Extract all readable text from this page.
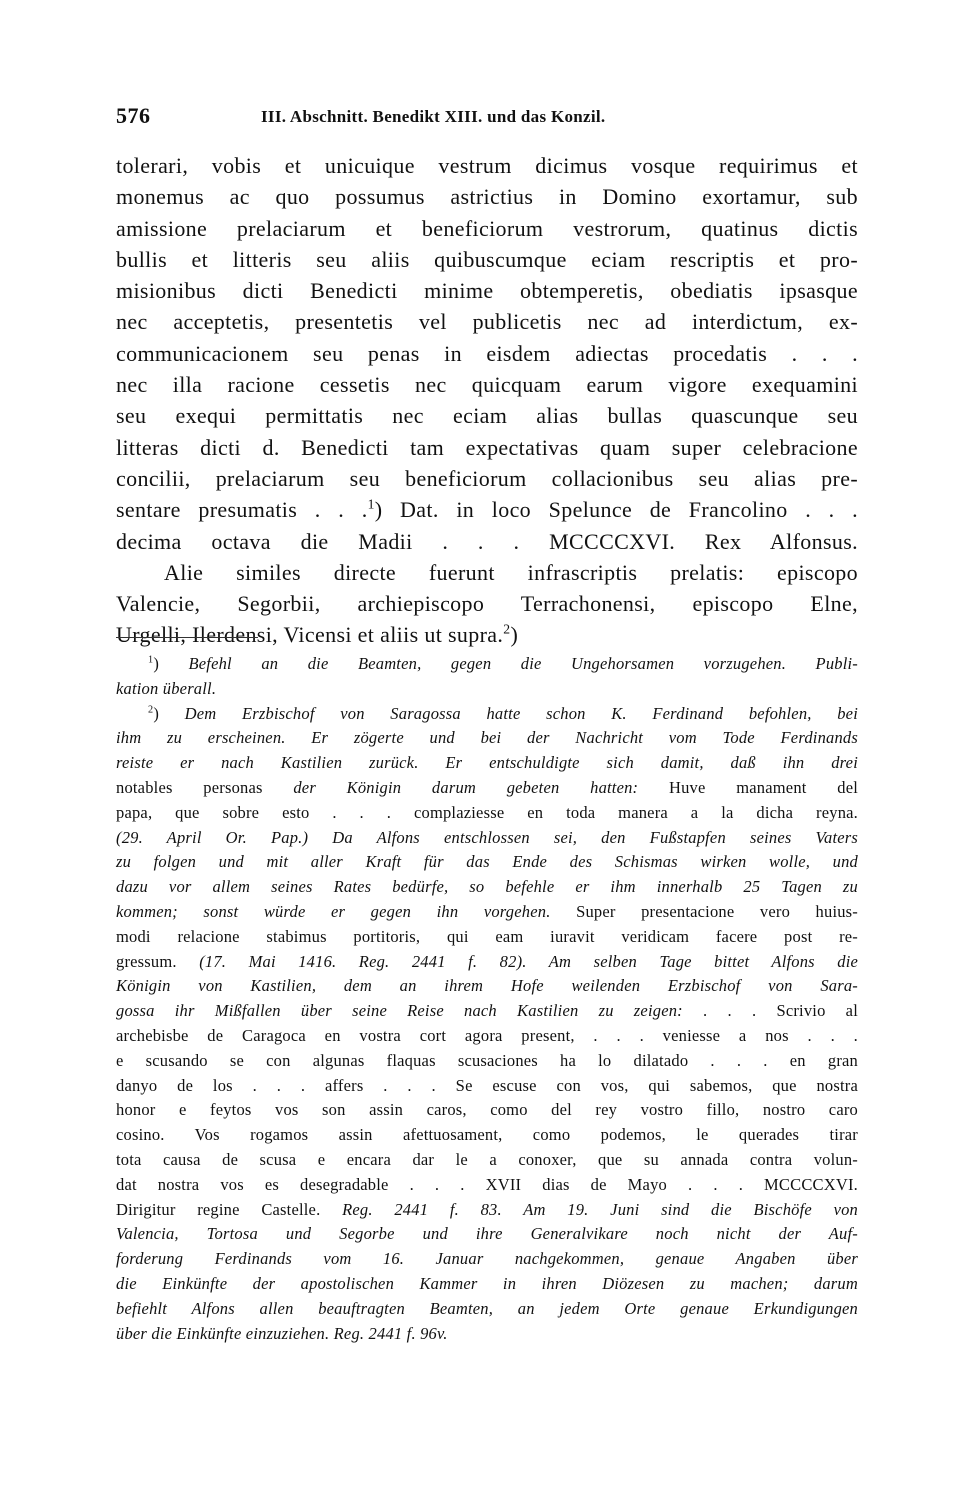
576	III. Abschnitt. Benedikt XIII. und das Konzil.
tolerari, vobis et unicuique vestrum dicimus vosque requirimus et
monemus ac quo possumus astrictius in Domino exortamur, sub
amissione prelaciarum et beneficiorum vestrorum, quatinus dictis
bullis et litteris seu aliis quibuscumque eciam rescriptis et pro-
misionibus dicti Benedicti minime obtemperetis, obediatis ipsasque
nec acceptetis, presentetis vel publicetis nec ad interdictum, ex-
communicacionem seu penas in eisdem adiectas procedatis . . .
nec illa racione cessetis nec quicquam earum vigore exequamini
seu exequi permittatis nec eciam alias bullas quascunque seu
litteras dicti d. Benedicti tam expectativas quam super celebracione
concilii, prelaciarum seu beneficiorum collacionibus seu alias pre-
sentare presumatis . . .$^1$) Dat. in loco Spelunce de Francolino . . .
decima octava die Madii . . . MCCCCXVI. Rex Alfonsus.
Alie similes directe fuerunt infrascriptis prelatis: episcopo
Valencie, Segorbii, archiepiscopo Terrachonensi, episcopo Elne,
Urgelli, Ilerdensi, Vicensi et aliis ut supra.$^2$)
$^1$) Befehl an die Beamten, gegen die Ungehorsamen vorzugehen. Publi-
kation überall.
$^2$) Dem Erzbischof von Saragossa hatte schon K. Ferdinand befohlen, bei
ihm zu erscheinen. Er zögerte und bei der Nachricht vom Tode Ferdinands
reiste er nach Kastilien zurück. Er entschuldigte sich damit, daß ihn drei
notables personas der Königin darum gebeten hatten: Huve manament del
papa, que sobre esto . . . complaziesse en toda manera a la dicha reyna.
(29. April Or. Pap.) Da Alfons entschlossen sei, den Fußstapfen seines Vaters
zu folgen und mit aller Kraft für das Ende des Schismas wirken wolle, und
dazu vor allem seines Rates bedürfe, so befehle er ihm innerhalb 25 Tagen zu
kommen; sonst würde er gegen ihn vorgehen. Super presentacione vero huius-
modi relacione stabimus portitoris, qui eam iuravit veridicam facere post re-
gressum. (17. Mai 1416. Reg. 2441 f. 82). Am selben Tage bittet Alfons die
Königin von Kastilien, dem an ihrem Hofe weilenden Erzbischof von Sara-
gossa ihr Mißfallen über seine Reise nach Kastilien zu zeigen: . . . Scrivio al
archebisbe de Caragoca en vostra cort agora present, . . . veniesse a nos . . .
e scusando se con algunas flaquas scusaciones ha lo dilatado . . . en gran
danyo de los . . . affers . . . Se escuse con vos, qui sabemos, que nostra
honor e feytos vos son assin caros, como del rey vostro fillo, nostro caro
cosino. Vos rogamos assin afettuosament, como podemos, le querades tirar
tota causa de scusa e encara dar le a conoxer, que su annada contra volun-
dat nostra vos es desegradable . . . XVII dias de Mayo . . . MCCCCXVI.
Dirigitur regine Castelle. Reg. 2441 f. 83. Am 19. Juni sind die Bischöfe von
Valencia, Tortosa und Segorbe und ihre Generalvikare noch nicht der Auf-
forderung Ferdinands vom 16. Januar nachgekommen, genaue Angaben über
die Einkünfte der apostolischen Kammer in ihren Diözesen zu machen; darum
befiehlt Alfons allen beauftragten Beamten, an jedem Orte genaue Erkundigungen
über die Einkünfte einzuziehen. Reg. 2441 f. 96v.
